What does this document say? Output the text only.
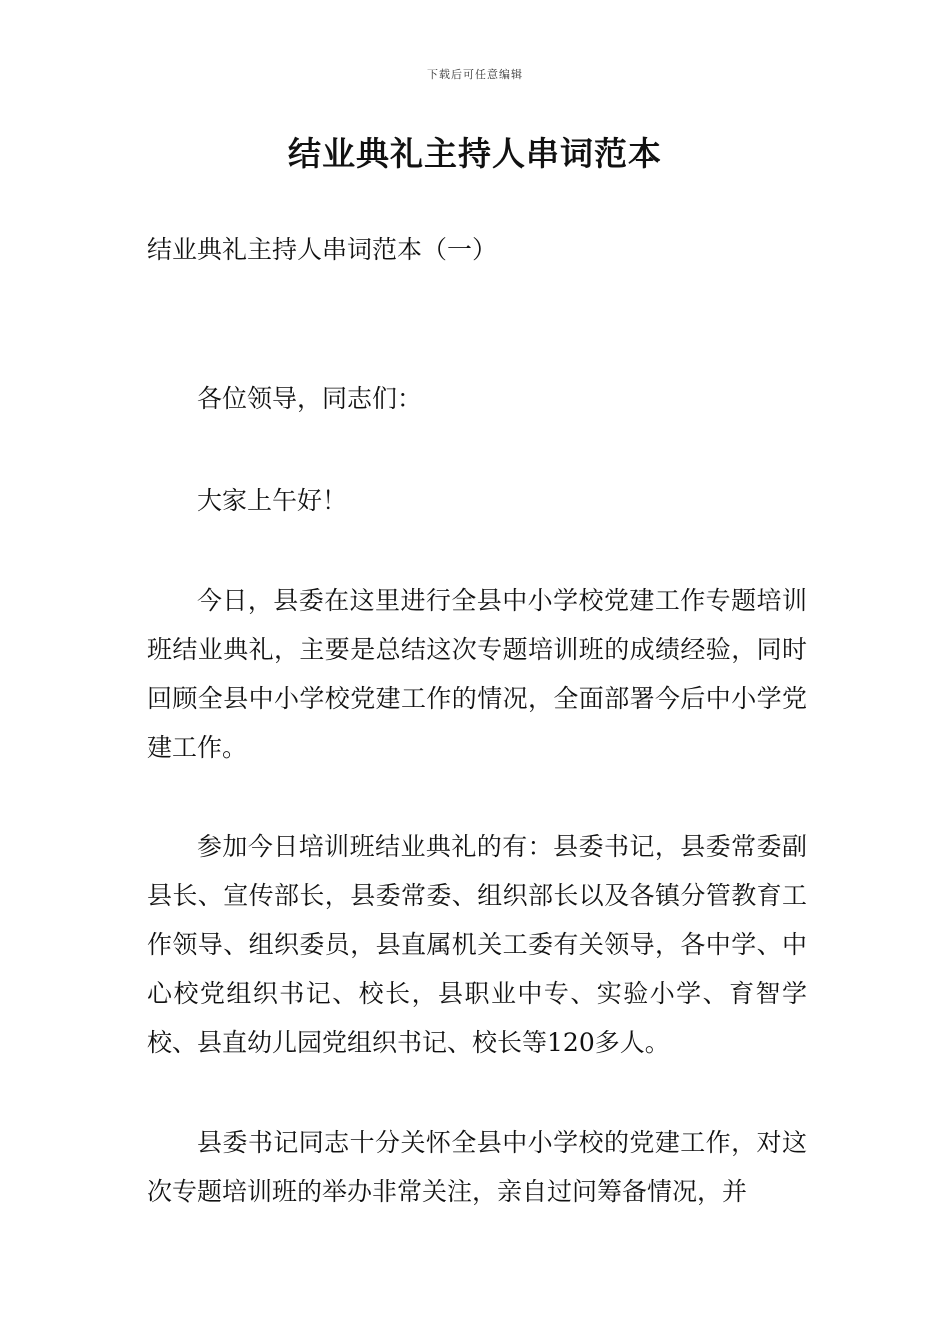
下载后可任意编辑
结业典礼主持人串词范本
结业典礼主持人串词范本（一）

各位领导，同志们：

大家上午好！

今日，县委在这里进行全县中小学校党建工作专题培训班结业典礼，主要是总结这次专题培训班的成绩经验，同时回顾全县中小学校党建工作的情况，全面部署今后中小学党建工作。

参加今日培训班结业典礼的有：县委书记，县委常委副县长、宣传部长，县委常委、组织部长以及各镇分管教育工作领导、组织委员，县直属机关工委有关领导，各中学、中心校党组织书记、校长，县职业中专、实验小学、育智学校、县直幼儿园党组织书记、校长等120多人。

县委书记同志十分关怀全县中小学校的党建工作，对这次专题培训班的举办非常关注，亲自过问筹备情况，并
